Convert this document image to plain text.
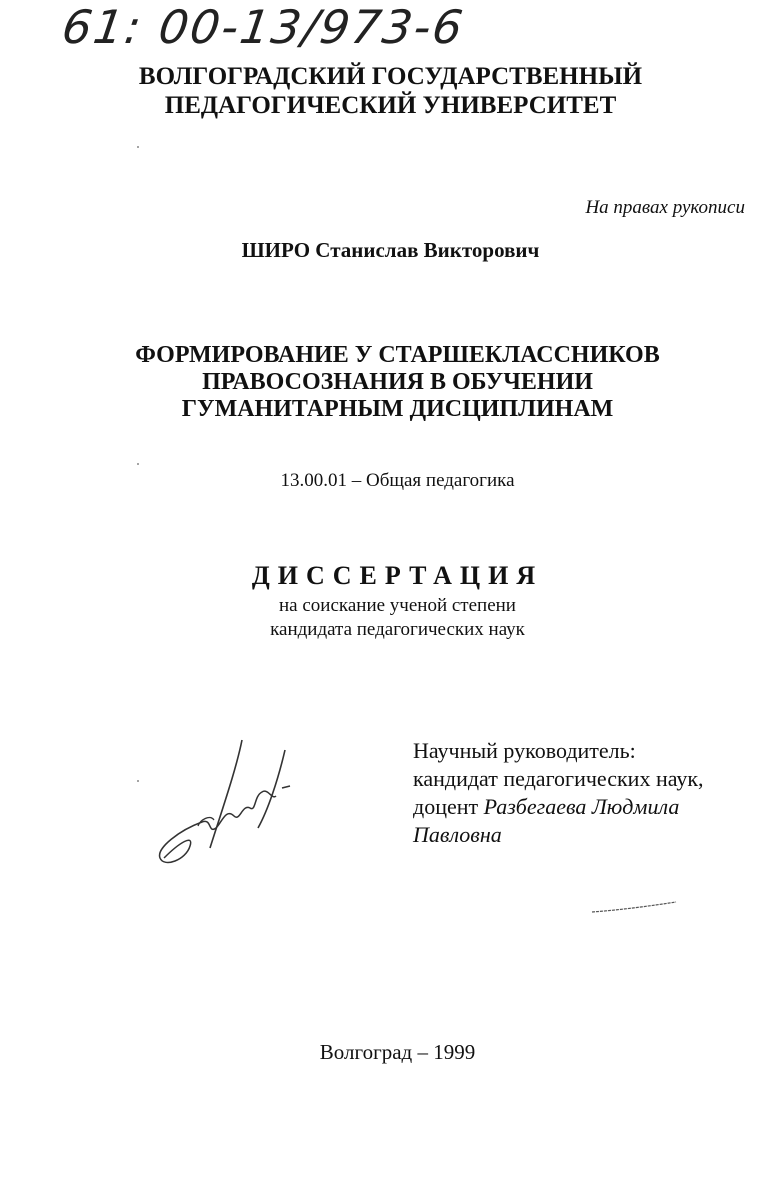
61: 00-13/973-6
ВОЛГОГРАДСКИЙ ГОСУДАРСТВЕННЫЙ
ПЕДАГОГИЧЕСКИЙ УНИВЕРСИТЕТ
На правах рукописи
ШИРО Станислав Викторович
ФОРМИРОВАНИЕ У СТАРШЕКЛАССНИКОВ
ПРАВОСОЗНАНИЯ В ОБУЧЕНИИ
ГУМАНИТАРНЫМ ДИСЦИПЛИНАМ
13.00.01 – Общая педагогика
ДИССЕРТАЦИЯ
на соискание ученой степени
кандидата педагогических наук
Научный руководитель:
кандидат педагогических наук,
доцент Разбегаева Людмила
Павловна
Волгоград – 1999
